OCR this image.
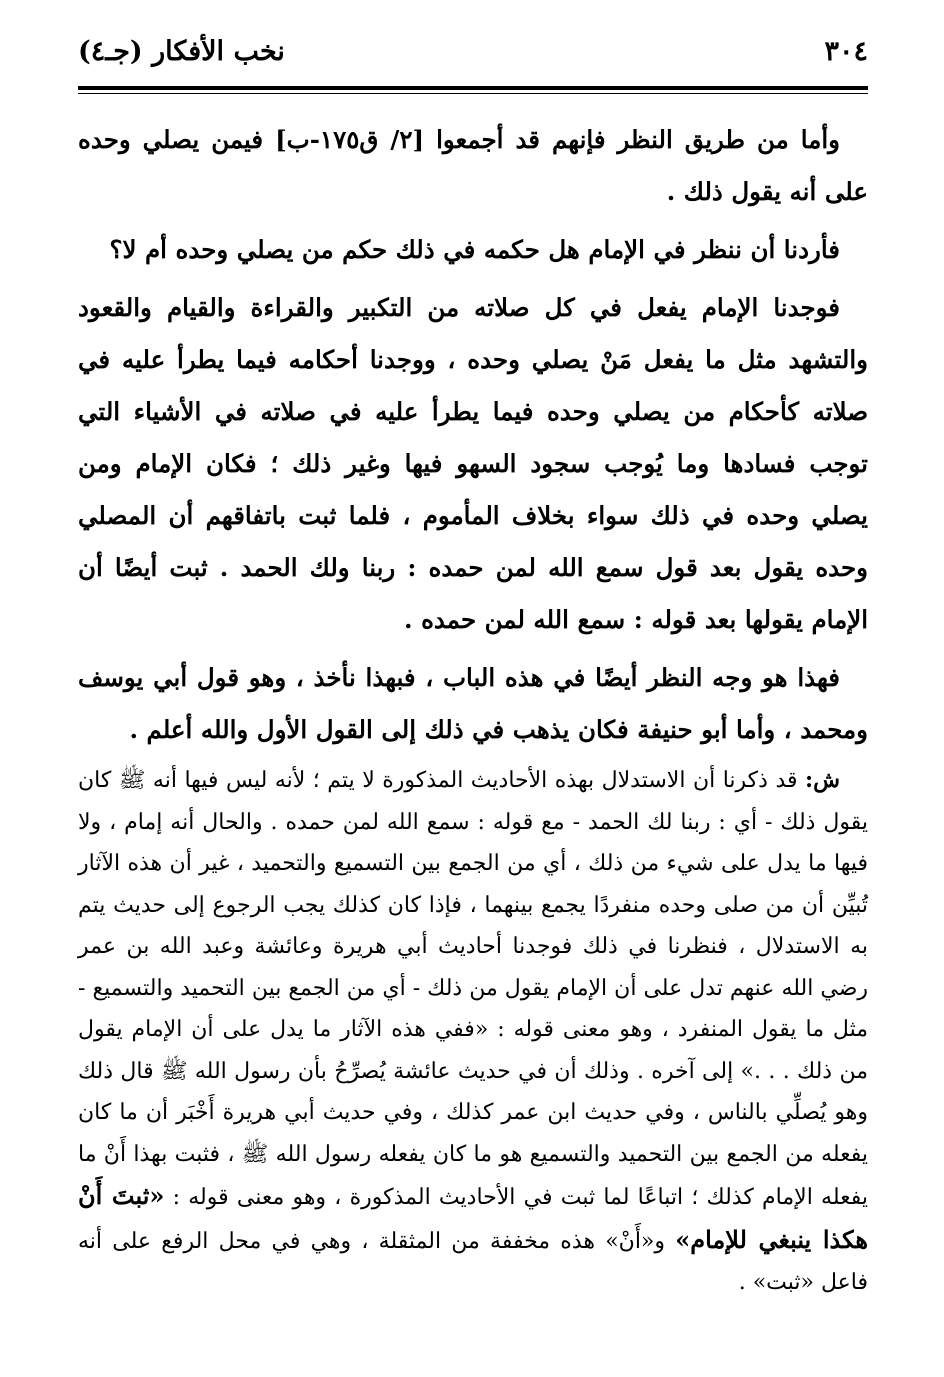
٣٠٤
نخب الأفكار (جـ٤)

وأما من طريق النظر فإنهم قد أجمعوا [٢/ ق١٧٥-ب] فيمن يصلي وحده على أنه يقول ذلك .

فأردنا أن ننظر في الإمام هل حكمه في ذلك حكم من يصلي وحده أم لا؟

فوجدنا الإمام يفعل في كل صلاته من التكبير والقراءة والقيام والقعود والتشهد مثل ما يفعل مَنْ يصلي وحده ، ووجدنا أحكامه فيما يطرأ عليه في صلاته كأحكام من يصلي وحده فيما يطرأ عليه في صلاته في الأشياء التي توجب فسادها وما يُوجب سجود السهو فيها وغير ذلك ؛ فكان الإمام ومن يصلي وحده في ذلك سواء بخلاف المأموم ، فلما ثبت باتفاقهم أن المصلي وحده يقول بعد قول سمع الله لمن حمده : ربنا ولك الحمد . ثبت أيضًا أن الإمام يقولها بعد قوله : سمع الله لمن حمده .

فهذا هو وجه النظر أيضًا في هذه الباب ، فبهذا نأخذ ، وهو قول أبي يوسف ومحمد ، وأما أبو حنيفة فكان يذهب في ذلك إلى القول الأول والله أعلم .

ش: قد ذكرنا أن الاستدلال بهذه الأحاديث المذكورة لا يتم ؛ لأنه ليس فيها أنه ﷺ كان يقول ذلك - أي : ربنا لك الحمد - مع قوله : سمع الله لمن حمده . والحال أنه إمام ، ولا فيها ما يدل على شيء من ذلك ، أي من الجمع بين التسميع والتحميد ، غير أن هذه الآثار تُبيِّن أن من صلى وحده منفردًا يجمع بينهما ، فإذا كان كذلك يجب الرجوع إلى حديث يتم به الاستدلال ، فنظرنا في ذلك فوجدنا أحاديث أبي هريرة وعائشة وعبد الله بن عمر رضي الله عنهم تدل على أن الإمام يقول من ذلك - أي من الجمع بين التحميد والتسميع - مثل ما يقول المنفرد ، وهو معنى قوله : «ففي هذه الآثار ما يدل على أن الإمام يقول من ذلك . . .» إلى آخره . وذلك أن في حديث عائشة يُصرِّحُ بأن رسول الله ﷺ قال ذلك وهو يُصلِّي بالناس ، وفي حديث ابن عمر كذلك ، وفي حديث أبي هريرة أَخْبَر أن ما كان يفعله من الجمع بين التحميد والتسميع هو ما كان يفعله رسول الله ﷺ ، فثبت بهذا أَنْ ما يفعله الإمام كذلك ؛ اتباعًا لما ثبت في الأحاديث المذكورة ، وهو معنى قوله : «ثبتَ أَنْ هكذا ينبغي للإمام» و«أَنْ» هذه مخففة من المثقلة ، وهي في محل الرفع على أنه فاعل «ثبت» .
